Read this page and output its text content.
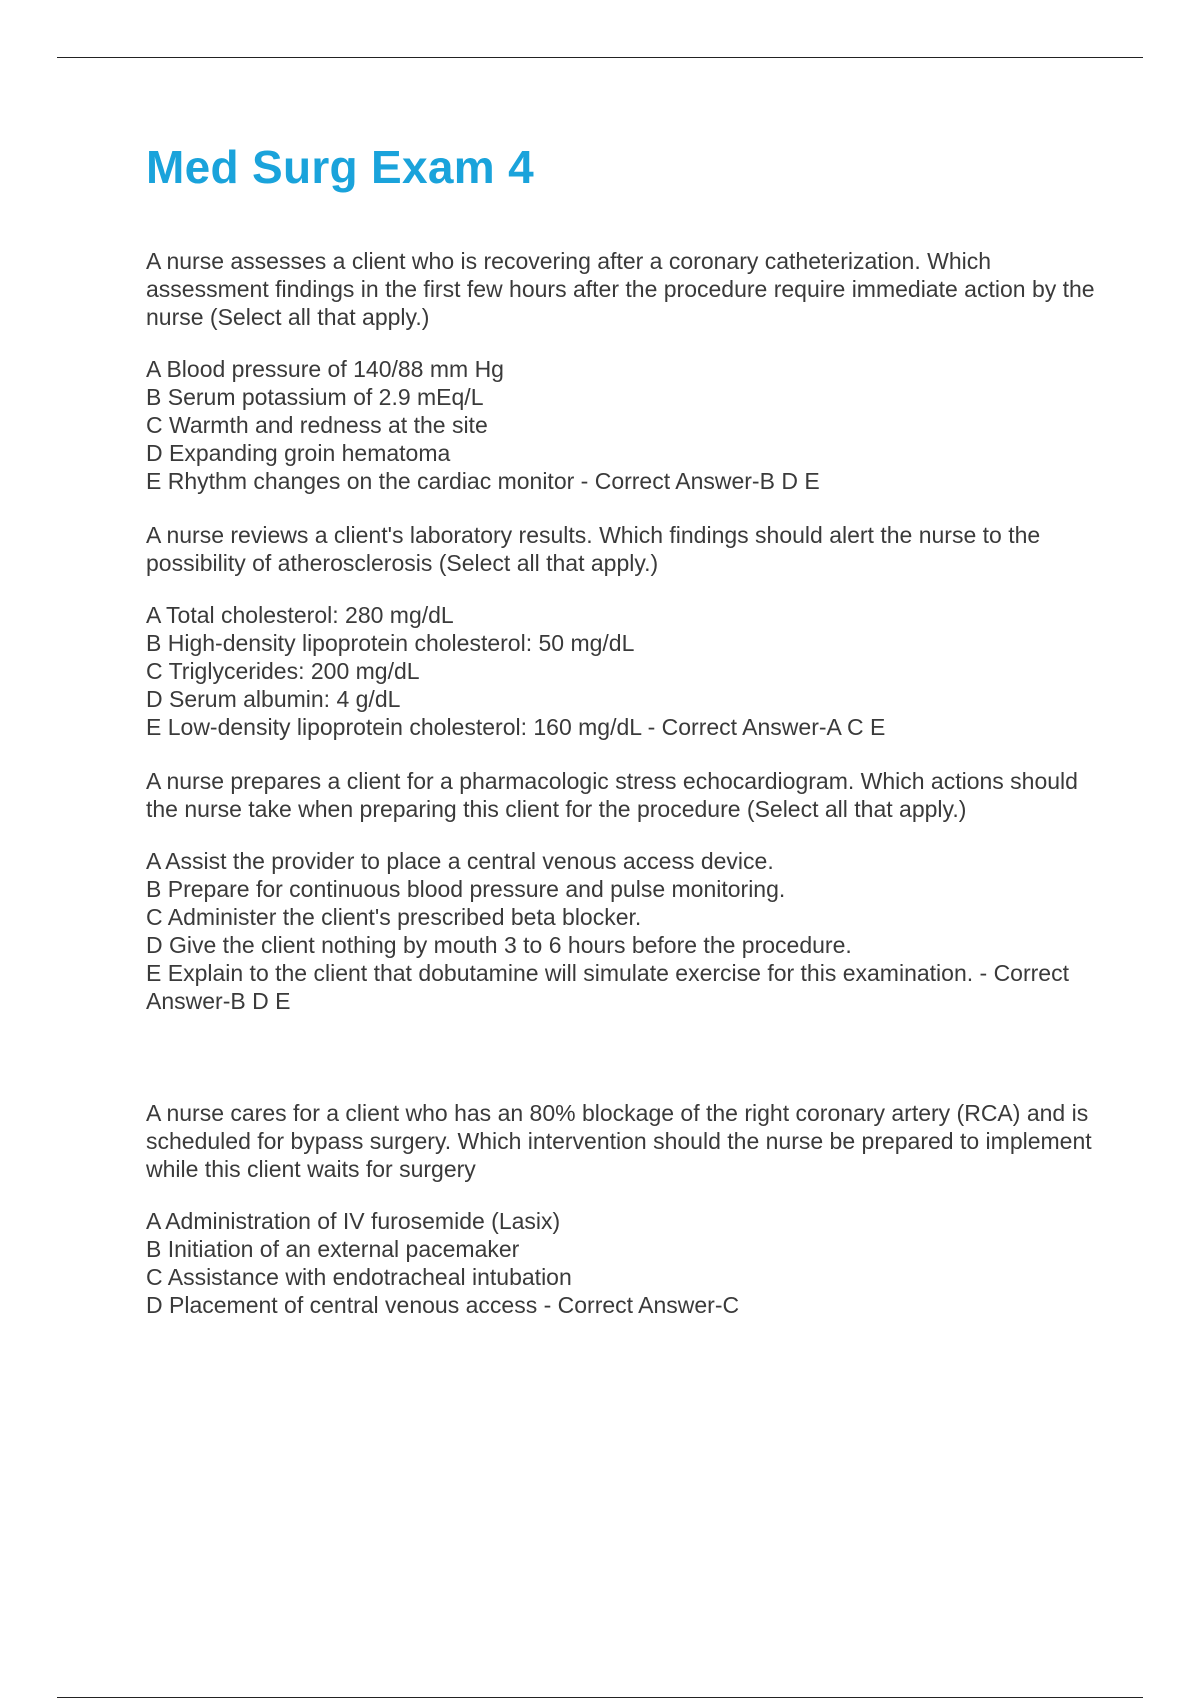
Med Surg Exam 4

A nurse assesses a client who is recovering after a coronary catheterization. Which assessment findings in the first few hours after the procedure require immediate action by the nurse (Select all that apply.)

A Blood pressure of 140/88 mm Hg
B Serum potassium of 2.9 mEq/L
C Warmth and redness at the site
D Expanding groin hematoma
E Rhythm changes on the cardiac monitor - Correct Answer-B D E

A nurse reviews a client's laboratory results. Which findings should alert the nurse to the possibility of atherosclerosis (Select all that apply.)

A Total cholesterol: 280 mg/dL
B High-density lipoprotein cholesterol: 50 mg/dL
C Triglycerides: 200 mg/dL
D Serum albumin: 4 g/dL
E Low-density lipoprotein cholesterol: 160 mg/dL - Correct Answer-A C E

A nurse prepares a client for a pharmacologic stress echocardiogram. Which actions should the nurse take when preparing this client for the procedure (Select all that apply.)

A Assist the provider to place a central venous access device.
B Prepare for continuous blood pressure and pulse monitoring.
C Administer the client's prescribed beta blocker.
D Give the client nothing by mouth 3 to 6 hours before the procedure.
E Explain to the client that dobutamine will simulate exercise for this examination. - Correct Answer-B D E

A nurse cares for a client who has an 80% blockage of the right coronary artery (RCA) and is scheduled for bypass surgery. Which intervention should the nurse be prepared to implement while this client waits for surgery

A Administration of IV furosemide (Lasix)
B Initiation of an external pacemaker
C Assistance with endotracheal intubation
D Placement of central venous access - Correct Answer-C
